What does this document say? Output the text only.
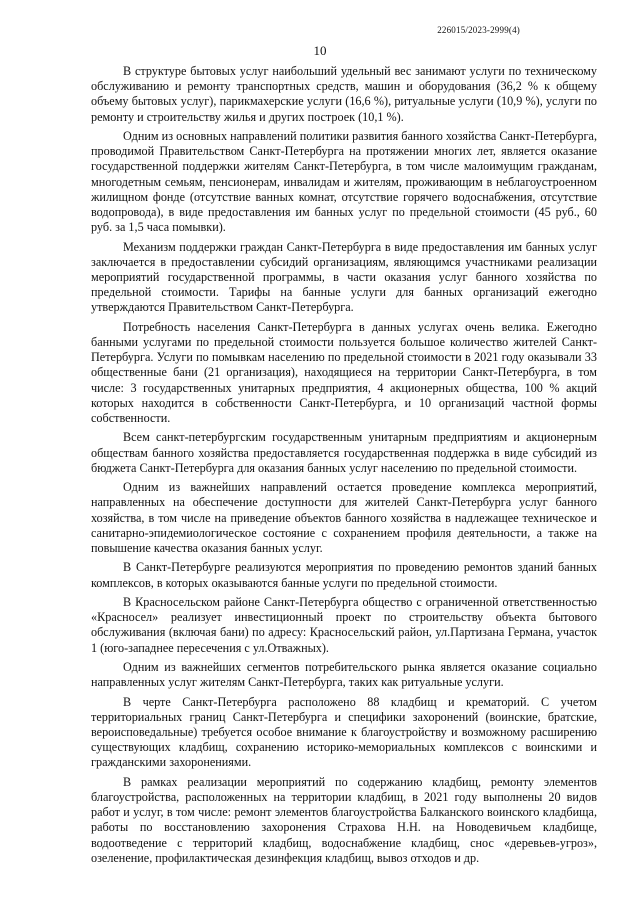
226015/2023-2999(4)
10

В структуре бытовых услуг наибольший удельный вес занимают услуги по техническому обслуживанию и ремонту транспортных средств, машин и оборудования (36,2 % к общему объему бытовых услуг), парикмахерские услуги (16,6 %), ритуальные услуги (10,9 %), услуги по ремонту и строительству жилья и других построек (10,1 %).

Одним из основных направлений политики развития банного хозяйства Санкт-Петербурга, проводимой Правительством Санкт-Петербурга на протяжении многих лет, является оказание государственной поддержки жителям Санкт-Петербурга, в том числе малоимущим гражданам, многодетным семьям, пенсионерам, инвалидам и жителям, проживающим в неблагоустроенном жилищном фонде (отсутствие ванных комнат, отсутствие горячего водоснабжения, отсутствие водопровода), в виде предоставления им банных услуг по предельной стоимости (45 руб., 60 руб. за 1,5 часа помывки).

Механизм поддержки граждан Санкт-Петербурга в виде предоставления им банных услуг заключается в предоставлении субсидий организациям, являющимся участниками реализации мероприятий государственной программы, в части оказания услуг банного хозяйства по предельной стоимости. Тарифы на банные услуги для банных организаций ежегодно утверждаются Правительством Санкт-Петербурга.

Потребность населения Санкт-Петербурга в данных услугах очень велика. Ежегодно банными услугами по предельной стоимости пользуется большое количество жителей Санкт-Петербурга. Услуги по помывкам населению по предельной стоимости в 2021 году оказывали 33 общественные бани (21 организация), находящиеся на территории Санкт-Петербурга, в том числе: 3 государственных унитарных предприятия, 4 акционерных общества, 100 % акций которых находится в собственности Санкт-Петербурга, и 10 организаций частной формы собственности.

Всем санкт-петербургским государственным унитарным предприятиям и акционерным обществам банного хозяйства предоставляется государственная поддержка в виде субсидий из бюджета Санкт-Петербурга для оказания банных услуг населению по предельной стоимости.

Одним из важнейших направлений остается проведение комплекса мероприятий, направленных на обеспечение доступности для жителей Санкт-Петербурга услуг банного хозяйства, в том числе на приведение объектов банного хозяйства в надлежащее техническое и санитарно-эпидемиологическое состояние с сохранением профиля деятельности, а также на повышение качества оказания банных услуг.

В Санкт-Петербурге реализуются мероприятия по проведению ремонтов зданий банных комплексов, в которых оказываются банные услуги по предельной стоимости.

В Красносельском районе Санкт-Петербурга общество с ограниченной ответственностью «Красносел» реализует инвестиционный проект по строительству объекта бытового обслуживания (включая бани) по адресу: Красносельский район, ул.Партизана Германа, участок 1 (юго-западнее пересечения с ул.Отважных).

Одним из важнейших сегментов потребительского рынка является оказание социально направленных услуг жителям Санкт-Петербурга, таких как ритуальные услуги.

В черте Санкт-Петербурга расположено 88 кладбищ и крематорий. С учетом территориальных границ Санкт-Петербурга и специфики захоронений (воинские, братские, вероисповедальные) требуется особое внимание к благоустройству и возможному расширению существующих кладбищ, сохранению историко-мемориальных комплексов с воинскими и гражданскими захоронениями.

В рамках реализации мероприятий по содержанию кладбищ, ремонту элементов благоустройства, расположенных на территории кладбищ, в 2021 году выполнены 20 видов работ и услуг, в том числе: ремонт элементов благоустройства Балканского воинского кладбища, работы по восстановлению захоронения Страхова Н.Н. на Новодевичьем кладбище, водоотведение с территорий кладбищ, водоснабжение кладбищ, снос «деревьев-угроз», озеленение, профилактическая дезинфекция кладбищ, вывоз отходов и др.
